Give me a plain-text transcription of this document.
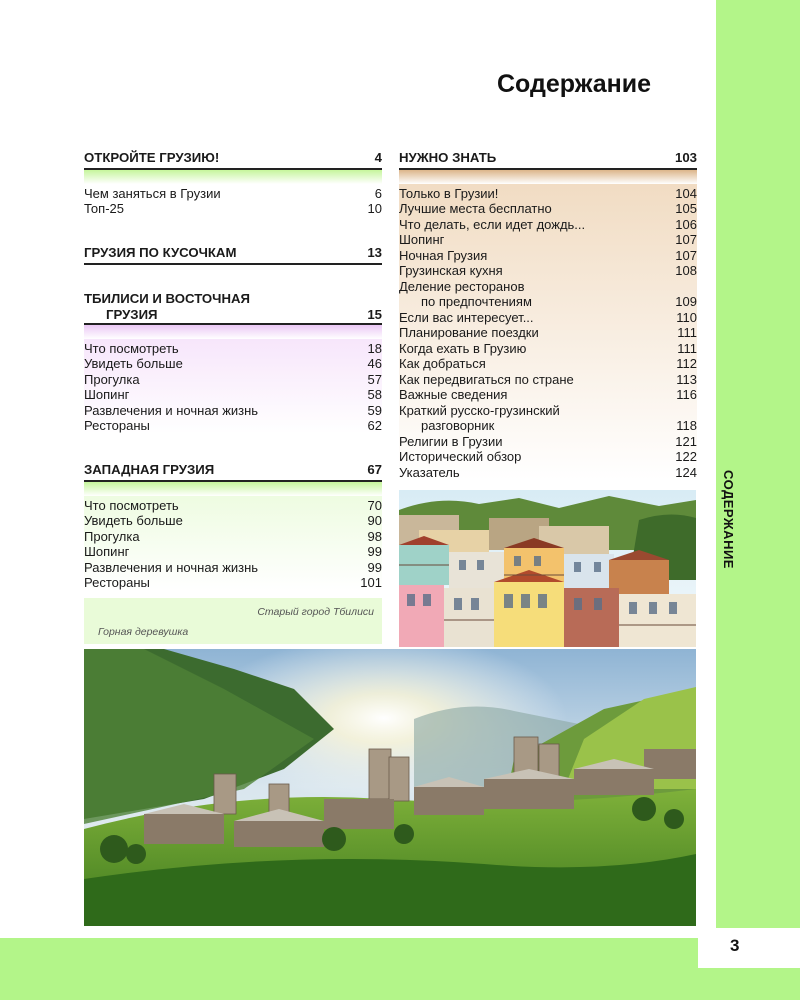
3
СОДЕРЖАНИЕ
Содержание
ОТКРОЙТЕ ГРУЗИЮ!	4
Чем заняться в Грузии	6
Топ-25	10
ГРУЗИЯ ПО КУСОЧКАМ	13
ТБИЛИСИ И ВОСТОЧНАЯ
ГРУЗИЯ	15
Что посмотреть	18
Увидеть больше	46
Прогулка	57
Шопинг	58
Развлечения и ночная жизнь	59
Рестораны	62
ЗАПАДНАЯ ГРУЗИЯ	67
Что посмотреть	70
Увидеть больше	90
Прогулка	98
Шопинг	99
Развлечения и ночная жизнь	99
Рестораны	101
НУЖНО ЗНАТЬ	103
Только в Грузии!	104
Лучшие места бесплатно	105
Что делать, если идет дождь...	106
Шопинг	107
Ночная Грузия	107
Грузинская кухня	108
Деление ресторанов
по предпочтениям	109
Если вас интересует...	110
Планирование поездки	111
Когда ехать в Грузию	111
Как добраться	112
Как передвигаться по стране	113
Важные сведения	116
Краткий русско-грузинский
разговорник	118
Религии в Грузии	121
Исторический обзор	122
Указатель	124
Старый город Тбилиси
Горная деревушка
